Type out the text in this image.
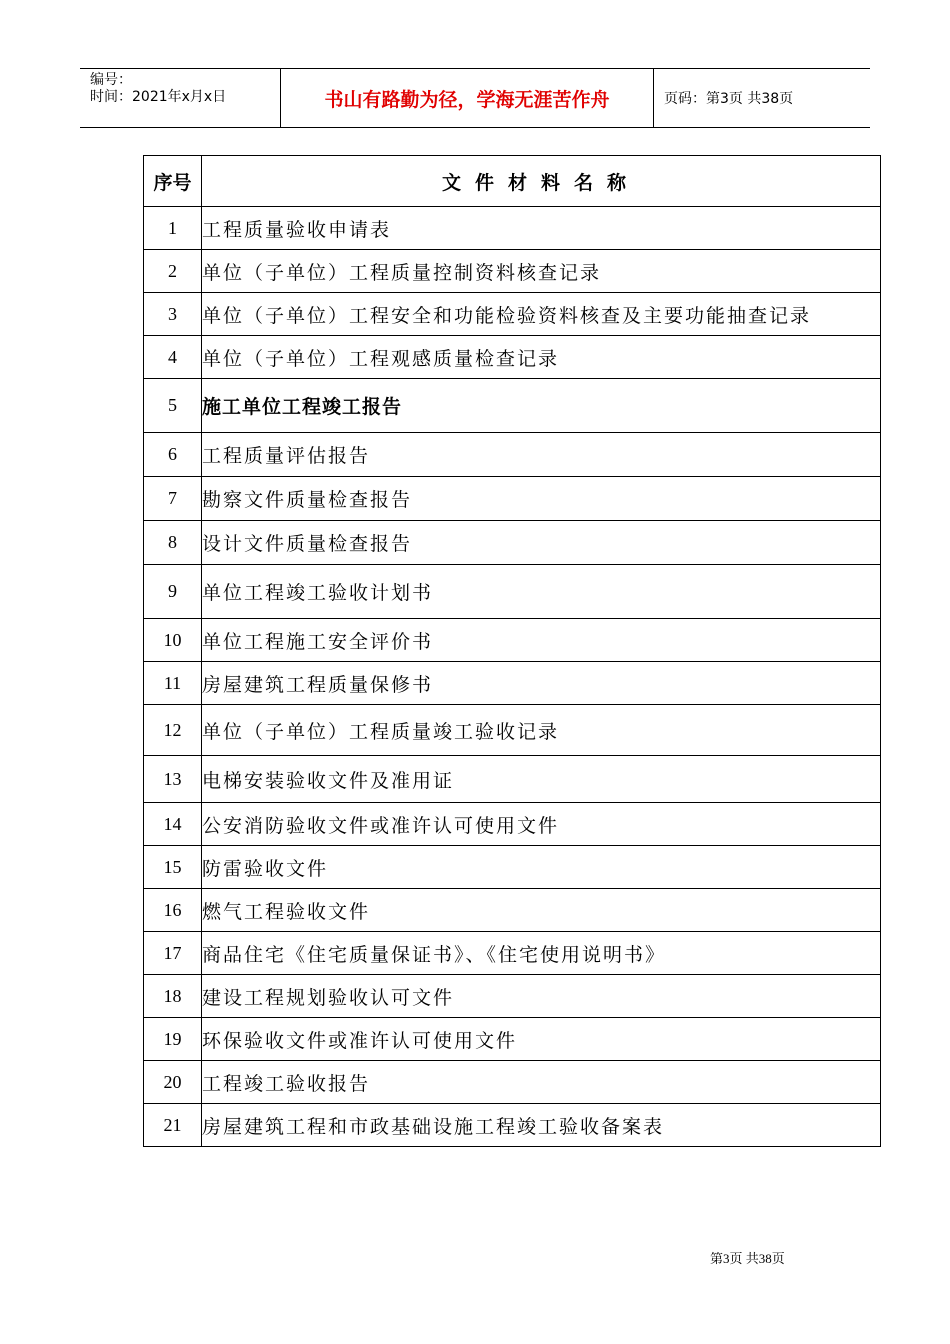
编号：
时间：2021年x月x日	书山有路勤为径，学海无涯苦作舟	页码：第3页 共38页
序号	文件材料名称
1	工程质量验收申请表
2	单位（子单位）工程质量控制资料核查记录
3	单位（子单位）工程安全和功能检验资料核查及主要功能抽查记录
4	单位（子单位）工程观感质量检查记录
5	施工单位工程竣工报告
6	工程质量评估报告
7	勘察文件质量检查报告
8	设计文件质量检查报告
9	单位工程竣工验收计划书
10	单位工程施工安全评价书
11	房屋建筑工程质量保修书
12	单位（子单位）工程质量竣工验收记录
13	电梯安装验收文件及准用证
14	公安消防验收文件或准许认可使用文件
15	防雷验收文件
16	燃气工程验收文件
17	商品住宅《住宅质量保证书》、《住宅使用说明书》
18	建设工程规划验收认可文件
19	环保验收文件或准许认可使用文件
20	工程竣工验收报告
21	房屋建筑工程和市政基础设施工程竣工验收备案表
第3页 共38页
